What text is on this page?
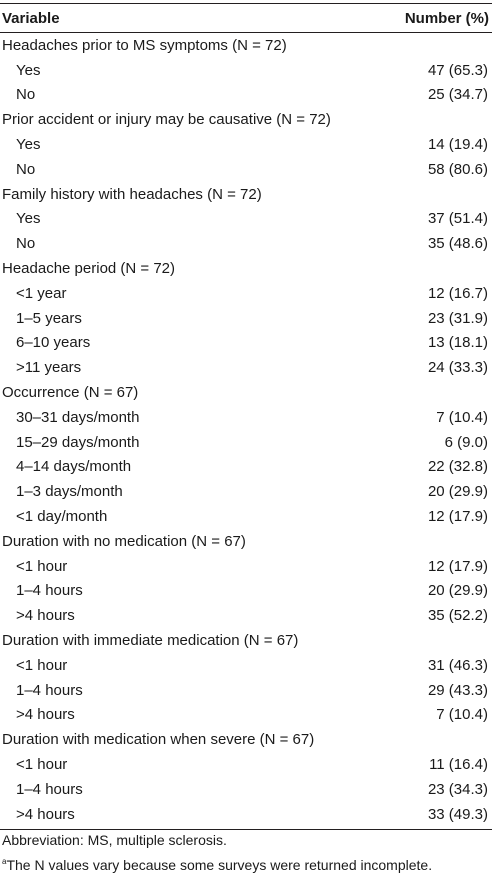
Variable	Number (%)
Headaches prior to MS symptoms (N = 72)
Yes	47 (65.3)
No	25 (34.7)
Prior accident or injury may be causative (N = 72)
Yes	14 (19.4)
No	58 (80.6)
Family history with headaches (N = 72)
Yes	37 (51.4)
No	35 (48.6)
Headache period (N = 72)
<1 year	12 (16.7)
1–5 years	23 (31.9)
6–10 years	13 (18.1)
>11 years	24 (33.3)
Occurrence (N = 67)
30–31 days/month	7 (10.4)
15–29 days/month	6 (9.0)
4–14 days/month	22 (32.8)
1–3 days/month	20 (29.9)
<1 day/month	12 (17.9)
Duration with no medication (N = 67)
<1 hour	12 (17.9)
1–4 hours	20 (29.9)
>4 hours	35 (52.2)
Duration with immediate medication (N = 67)
<1 hour	31 (46.3)
1–4 hours	29 (43.3)
>4 hours	7 (10.4)
Duration with medication when severe (N = 67)
<1 hour	11 (16.4)
1–4 hours	23 (34.3)
>4 hours	33 (49.3)
Abbreviation: MS, multiple sclerosis.
$^a$The N values vary because some surveys were returned incomplete.
